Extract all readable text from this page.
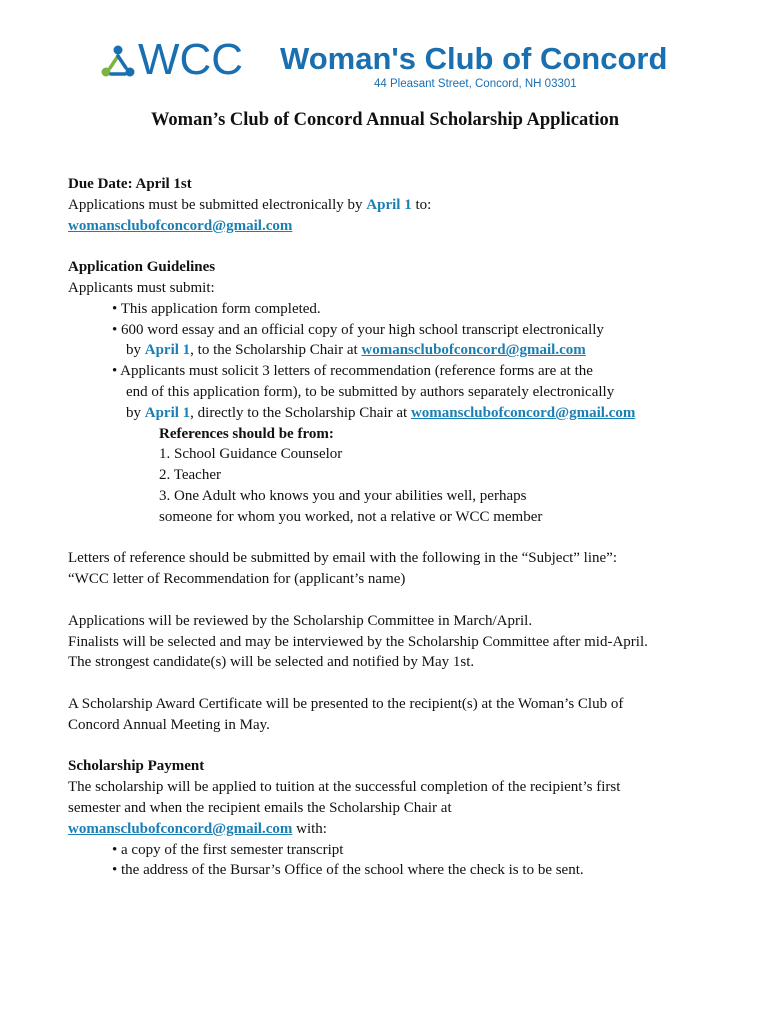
WCC Woman's Club of Concord
44 Pleasant Street, Concord, NH 03301
Woman’s Club of Concord Annual Scholarship Application
Due Date: April 1st
Applications must be submitted electronically by April 1 to:
womansclubofconcord@gmail.com
Application Guidelines
Applicants must submit:
• This application form completed.
• 600 word essay and an official copy of your high school transcript electronically
by April 1, to the Scholarship Chair at womansclubofconcord@gmail.com
• Applicants must solicit 3 letters of recommendation (reference forms are at the
end of this application form), to be submitted by authors separately electronically
by April 1, directly to the Scholarship Chair at womansclubofconcord@gmail.com
References should be from:
1. School Guidance Counselor
2. Teacher
3. One Adult who knows you and your abilities well, perhaps
someone for whom you worked, not a relative or WCC member
Letters of reference should be submitted by email with the following in the “Subject” line”:
“WCC letter of Recommendation for (applicant’s name)
Applications will be reviewed by the Scholarship Committee in March/April.
Finalists will be selected and may be interviewed by the Scholarship Committee after mid-April.
The strongest candidate(s) will be selected and notified by May 1st.
A Scholarship Award Certificate will be presented to the recipient(s) at the Woman’s Club of
Concord Annual Meeting in May.
Scholarship Payment
The scholarship will be applied to tuition at the successful completion of the recipient’s first
semester and when the recipient emails the Scholarship Chair at
womansclubofconcord@gmail.com with:
• a copy of the first semester transcript
• the address of the Bursar’s Office of the school where the check is to be sent.
